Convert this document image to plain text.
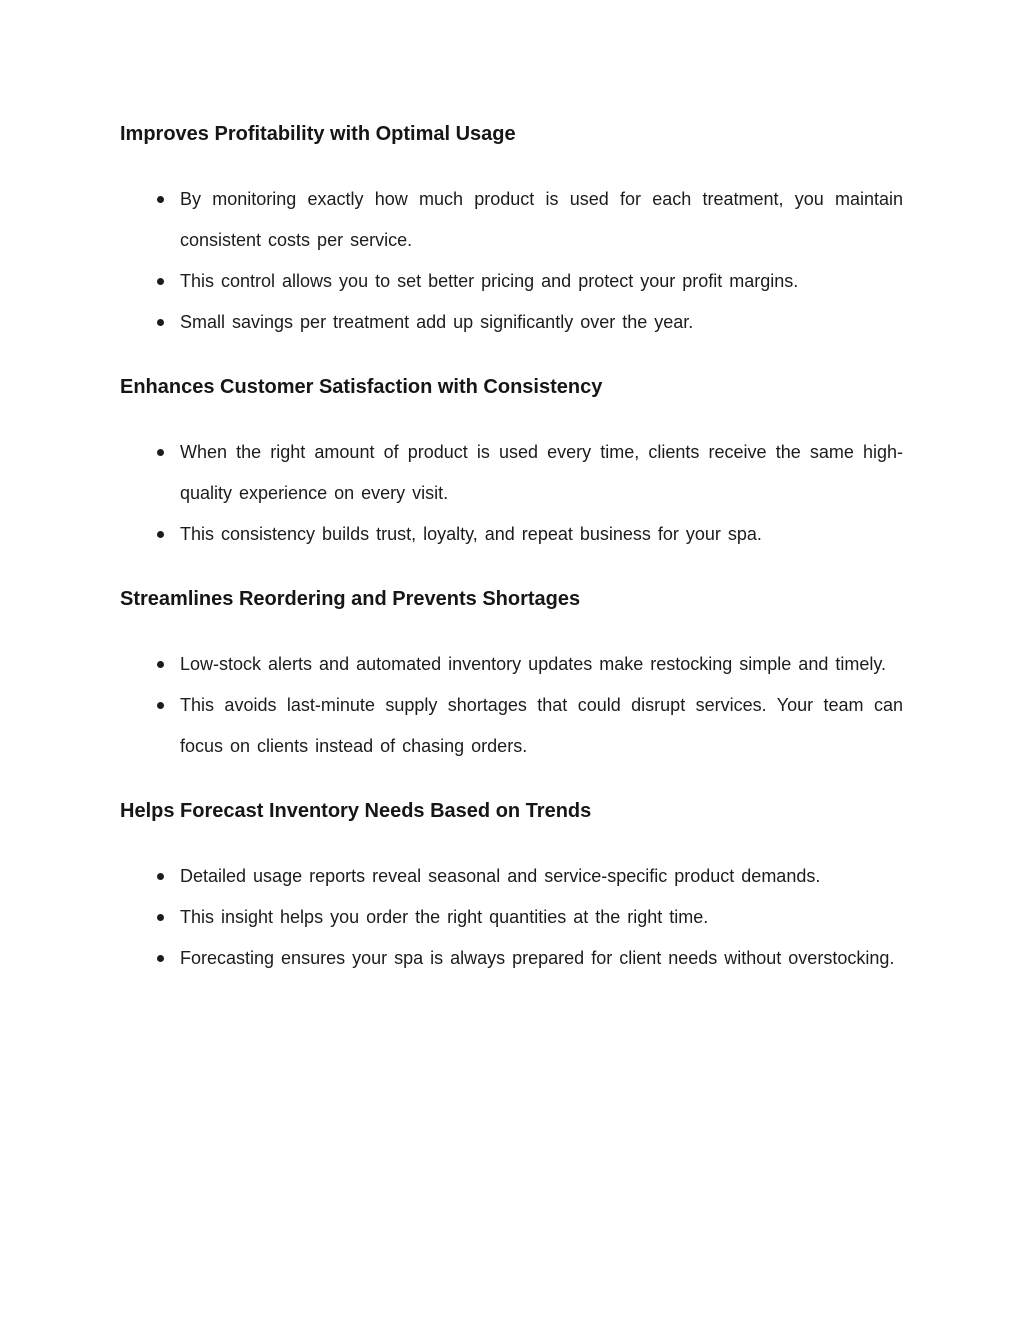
Improves Profitability with Optimal Usage
By monitoring exactly how much product is used for each treatment, you maintain consistent costs per service.
This control allows you to set better pricing and protect your profit margins.
Small savings per treatment add up significantly over the year.
Enhances Customer Satisfaction with Consistency
When the right amount of product is used every time, clients receive the same high-quality experience on every visit.
This consistency builds trust, loyalty, and repeat business for your spa.
Streamlines Reordering and Prevents Shortages
Low-stock alerts and automated inventory updates make restocking simple and timely.
This avoids last-minute supply shortages that could disrupt services. Your team can focus on clients instead of chasing orders.
Helps Forecast Inventory Needs Based on Trends
Detailed usage reports reveal seasonal and service-specific product demands.
This insight helps you order the right quantities at the right time.
Forecasting ensures your spa is always prepared for client needs without overstocking.
